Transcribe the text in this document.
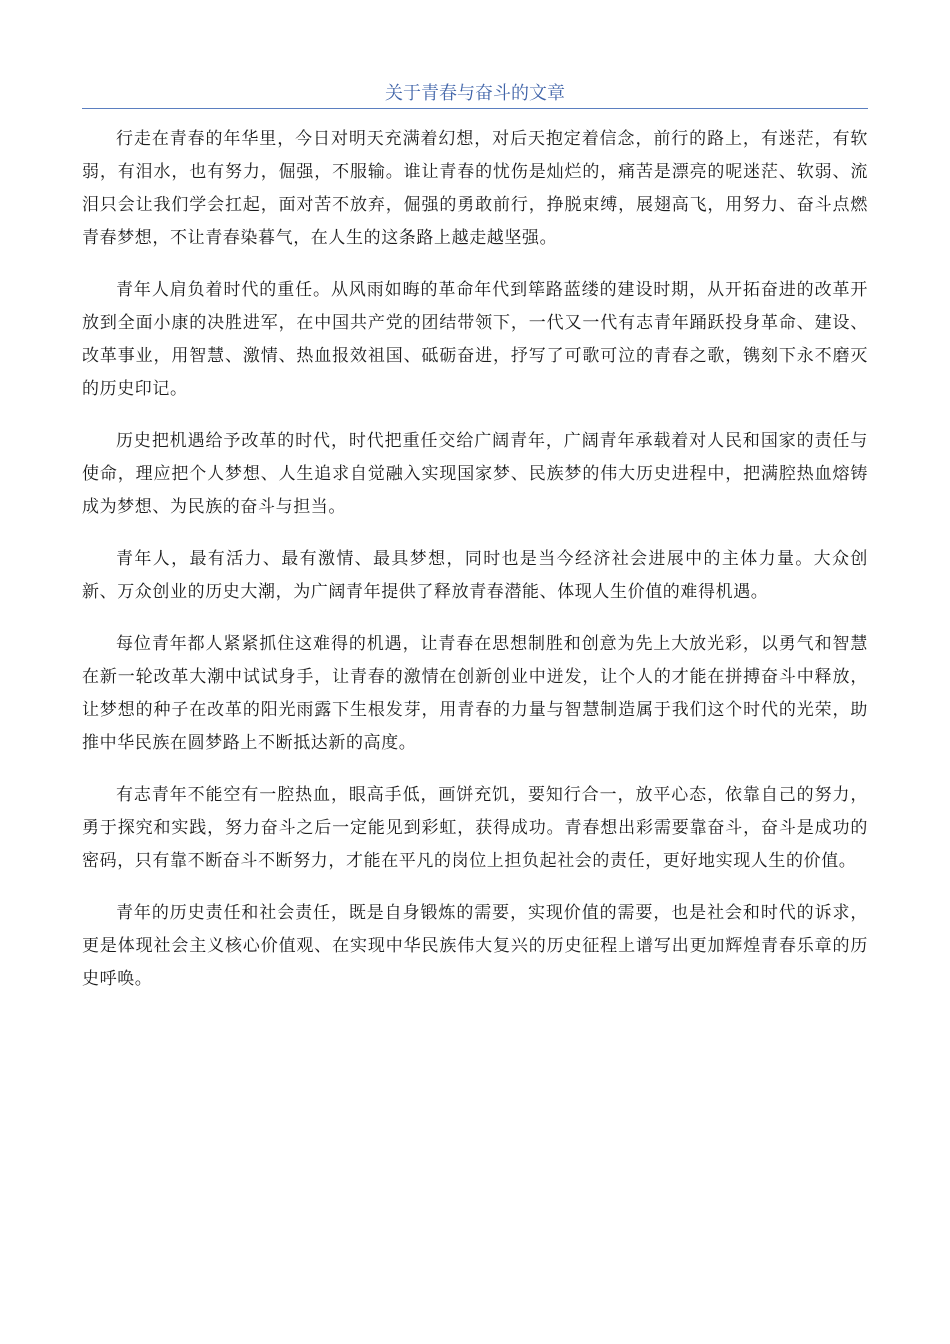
关于青春与奋斗的文章

行走在青春的年华里，今日对明天充满着幻想，对后天抱定着信念，前行的路上，有迷茫，有软弱，有泪水，也有努力，倔强，不服输。谁让青春的忧伤是灿烂的，痛苦是漂亮的呢迷茫、软弱、流泪只会让我们学会扛起，面对苦不放弃，倔强的勇敢前行，挣脱束缚，展翅高飞，用努力、奋斗点燃青春梦想，不让青春染暮气，在人生的这条路上越走越坚强。

青年人肩负着时代的重任。从风雨如晦的革命年代到筚路蓝缕的建设时期，从开拓奋进的改革开放到全面小康的决胜进军，在中国共产党的团结带领下，一代又一代有志青年踊跃投身革命、建设、改革事业，用智慧、激情、热血报效祖国、砥砺奋进，抒写了可歌可泣的青春之歌，镌刻下永不磨灭的历史印记。

历史把机遇给予改革的时代，时代把重任交给广阔青年，广阔青年承载着对人民和国家的责任与使命，理应把个人梦想、人生追求自觉融入实现国家梦、民族梦的伟大历史进程中，把满腔热血熔铸成为梦想、为民族的奋斗与担当。

青年人，最有活力、最有激情、最具梦想，同时也是当今经济社会进展中的主体力量。大众创新、万众创业的历史大潮，为广阔青年提供了释放青春潜能、体现人生价值的难得机遇。

每位青年都人紧紧抓住这难得的机遇，让青春在思想制胜和创意为先上大放光彩，以勇气和智慧在新一轮改革大潮中试试身手，让青春的激情在创新创业中迸发，让个人的才能在拼搏奋斗中释放，让梦想的种子在改革的阳光雨露下生根发芽，用青春的力量与智慧制造属于我们这个时代的光荣，助推中华民族在圆梦路上不断抵达新的高度。

有志青年不能空有一腔热血，眼高手低，画饼充饥，要知行合一，放平心态，依靠自己的努力，勇于探究和实践，努力奋斗之后一定能见到彩虹，获得成功。青春想出彩需要靠奋斗，奋斗是成功的密码，只有靠不断奋斗不断努力，才能在平凡的岗位上担负起社会的责任，更好地实现人生的价值。

青年的历史责任和社会责任，既是自身锻炼的需要，实现价值的需要，也是社会和时代的诉求，更是体现社会主义核心价值观、在实现中华民族伟大复兴的历史征程上谱写出更加辉煌青春乐章的历史呼唤。
